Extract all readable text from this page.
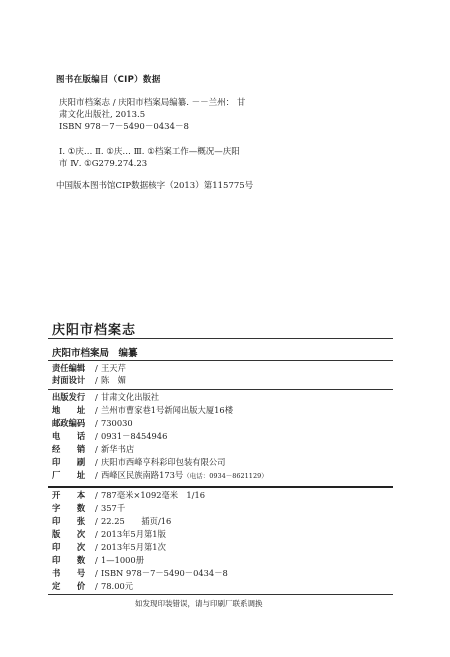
图书在版编目（CIP）数据
庆阳市档案志 / 庆阳市档案局编纂. －－兰州： 甘
肃文化出版社, 2013.5
ISBN 978－7－5490－0434－8
Ⅰ. ①庆… Ⅱ. ①庆… Ⅲ. ①档案工作—概况—庆阳
市 Ⅳ. ①G279.274.23
中国版本图书馆CIP数据核字（2013）第115775号
庆阳市档案志
庆阳市档案局　编纂
责任编辑 / 王天芹
封面设计 / 陈　媚
出版发行 / 甘肃文化出版社
地　　址 / 兰州市曹家巷1号新闻出版大厦16楼
邮政编码 / 730030
电　　话 / 0931－8454946
经　　销 / 新华书店
印　　刷 / 庆阳市西峰亨科彩印包装有限公司
厂　　址 / 西峰区民族南路173号（电话：0934－8621129）
开　　本 / 787毫米×1092毫米　1/16
字　　数 / 357千
印　　张 / 22.25　　插页/16
版　　次 / 2013年5月第1版
印　　次 / 2013年5月第1次
印　　数 / 1—1000册
书　　号 / ISBN 978－7－5490－0434－8
定　　价 / 78.00元
如发现印装错误，请与印刷厂联系调换
